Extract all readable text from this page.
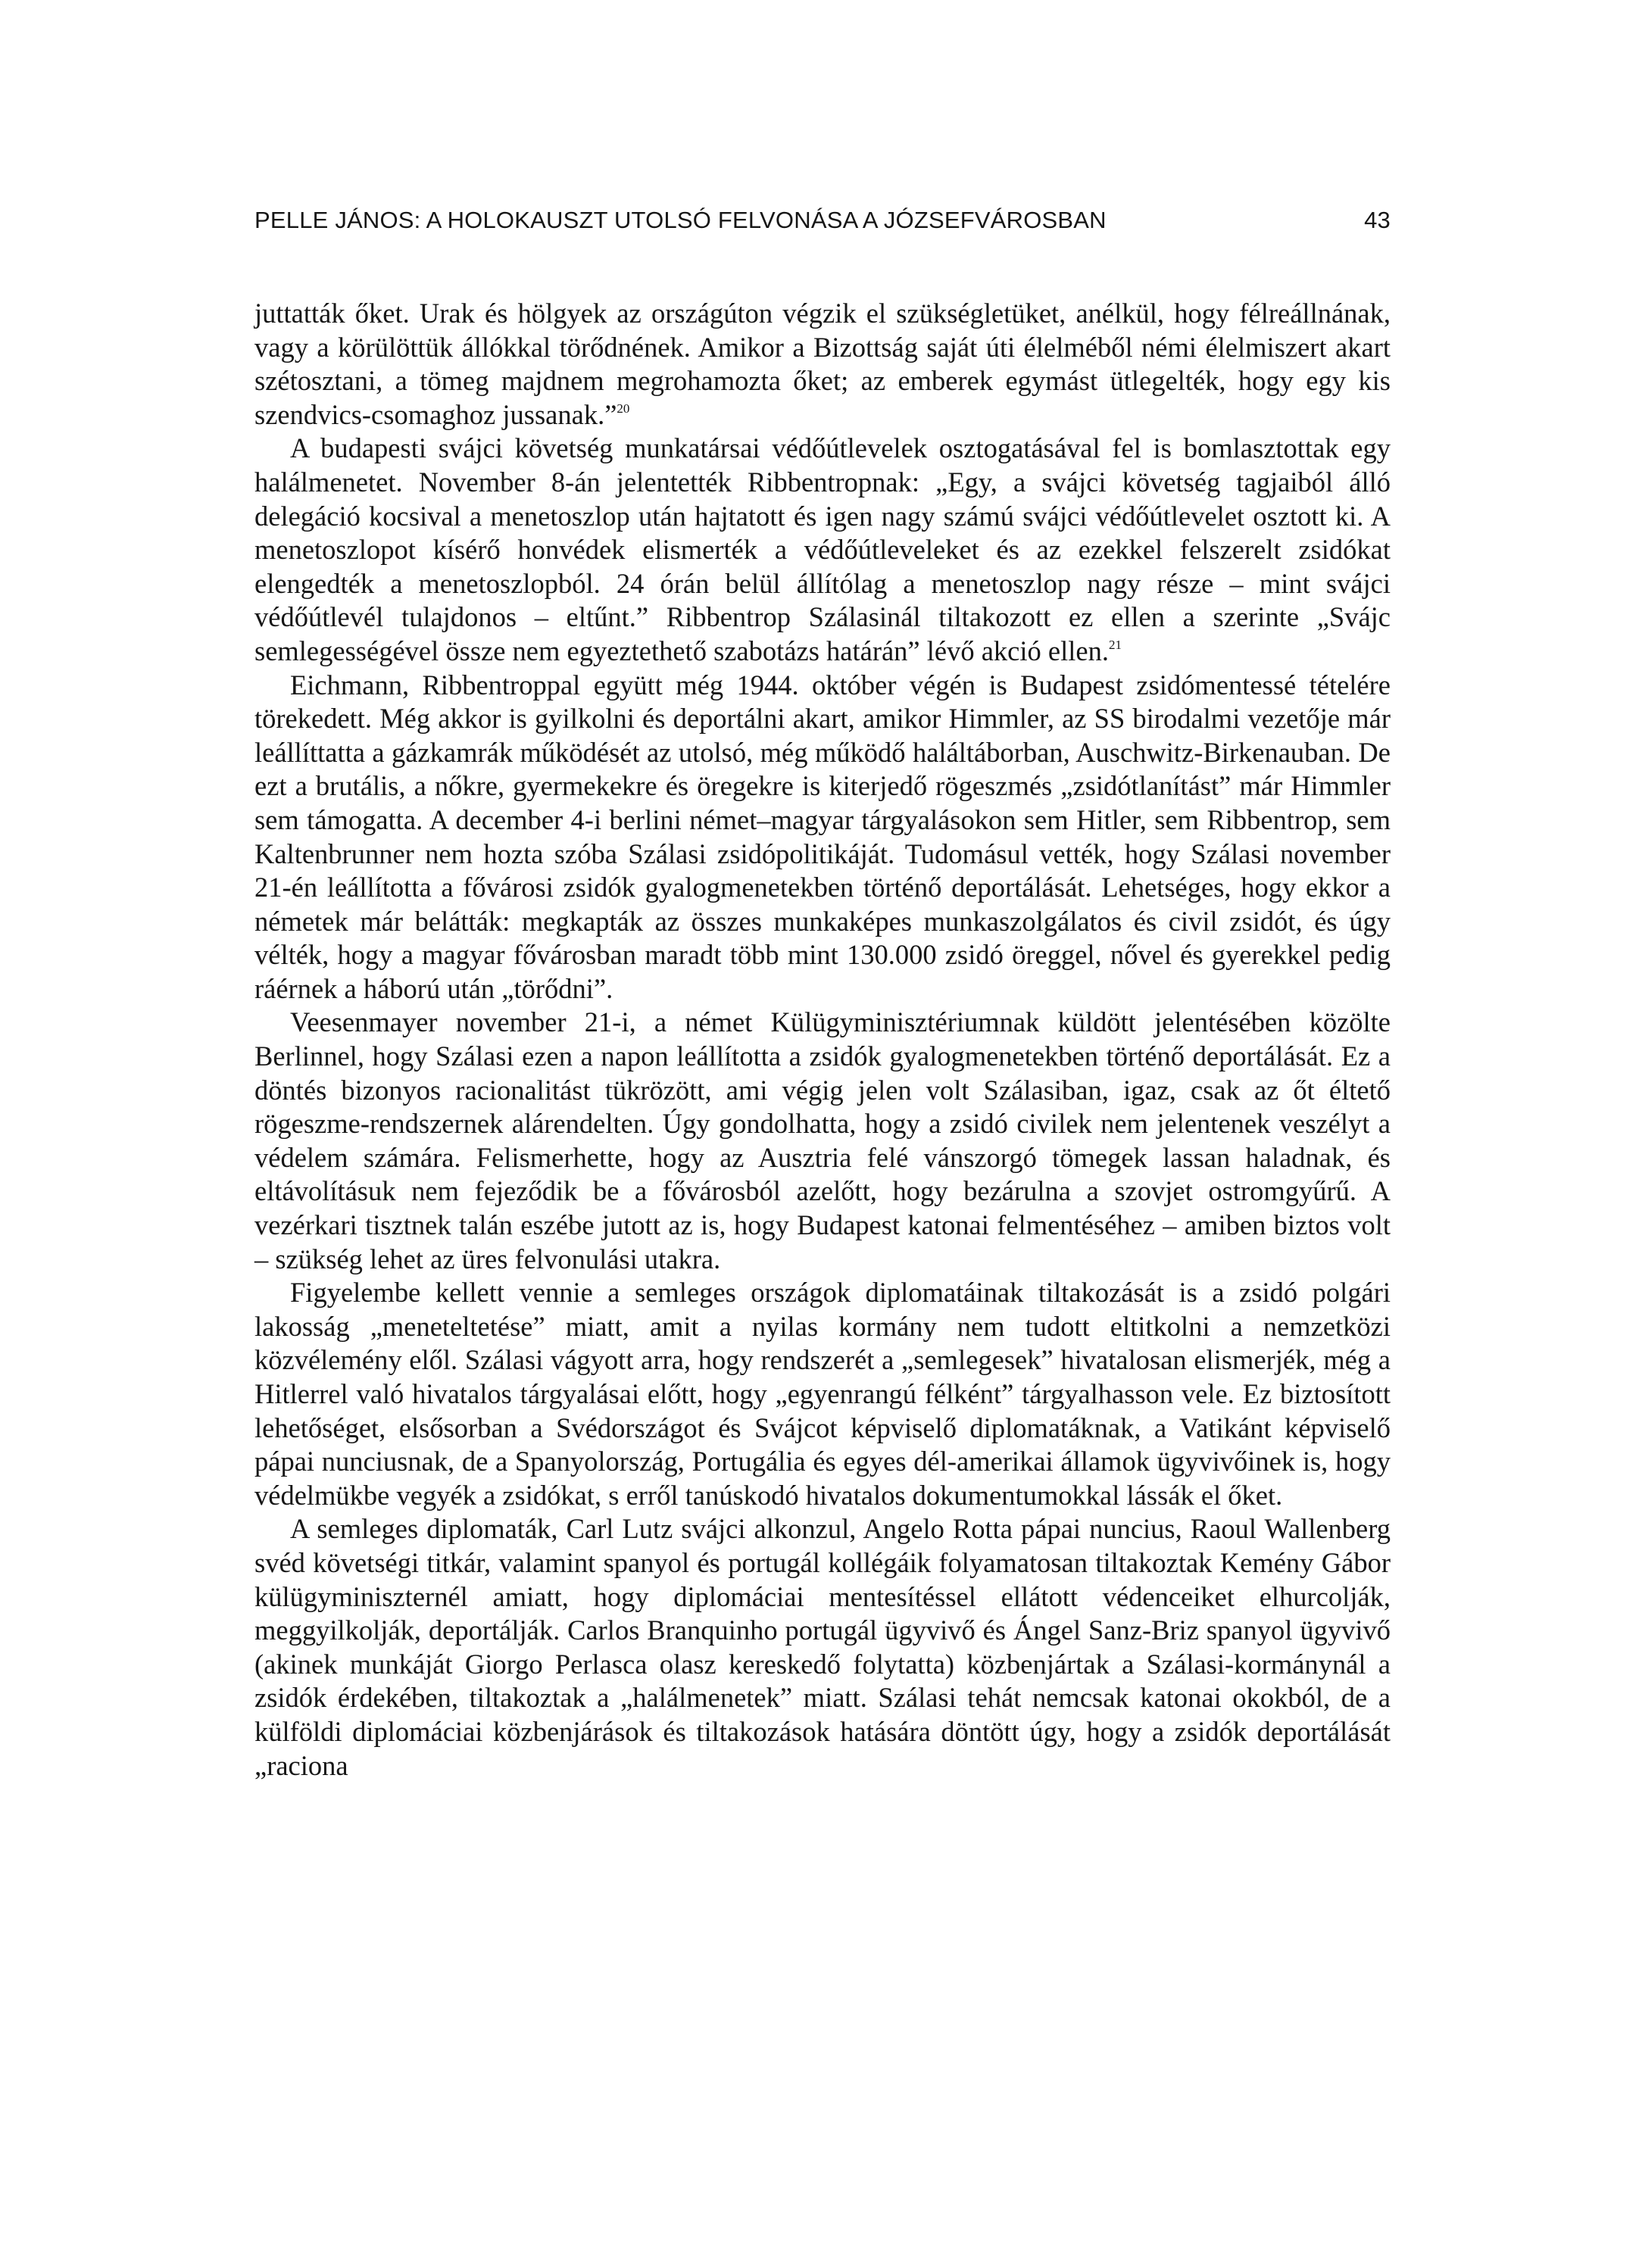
PELLE JÁNOS: A HOLOKAUSZT UTOLSÓ FELVONÁSA A JÓZSEFVÁROSBAN	43

juttatták őket. Urak és hölgyek az országúton végzik el szükségletüket, anélkül, hogy félreállnának, vagy a körülöttük állókkal törődnének. Amikor a Bizottság saját úti élelméből némi élelmiszert akart szétosztani, a tömeg majdnem megrohamozta őket; az emberek egymást ütlegelték, hogy egy kis szendvics-csomaghoz jussanak.”$^{20}$

A budapesti svájci követség munkatársai védőútlevelek osztogatásával fel is bomlasztottak egy halálmenetet. November 8-án jelentették Ribbentropnak: „Egy, a svájci követség tagjaiból álló delegáció kocsival a menetoszlop után hajtatott és igen nagy számú svájci védőútlevelet osztott ki. A menetoszlopot kísérő honvédek elismerték a védőútleveleket és az ezekkel felszerelt zsidókat elengedték a menetoszlopból. 24 órán belül állítólag a menetoszlop nagy része – mint svájci védőútlevél tulajdonos – eltűnt.” Ribbentrop Szálasinál tiltakozott ez ellen a szerinte „Svájc semlegességével össze nem egyeztethető szabotázs határán” lévő akció ellen.$^{21}$

Eichmann, Ribbentroppal együtt még 1944. október végén is Budapest zsidómentessé tételére törekedett. Még akkor is gyilkolni és deportálni akart, amikor Himmler, az SS birodalmi vezetője már leállíttatta a gázkamrák működését az utolsó, még működő haláltáborban, Auschwitz-Birkenauban. De ezt a brutális, a nőkre, gyermekekre és öregekre is kiterjedő rögeszmés „zsidótlanítást” már Himmler sem támogatta. A december 4-i berlini német–magyar tárgyalásokon sem Hitler, sem Ribbentrop, sem Kaltenbrunner nem hozta szóba Szálasi zsidópolitikáját. Tudomásul vették, hogy Szálasi november 21-én leállította a fővárosi zsidók gyalogmenetekben történő deportálását. Lehetséges, hogy ekkor a németek már belátták: megkapták az összes munkaképes munkaszolgálatos és civil zsidót, és úgy vélték, hogy a magyar fővárosban maradt több mint 130.000 zsidó öreggel, nővel és gyerekkel pedig ráérnek a háború után „törődni”.

Veesenmayer november 21-i, a német Külügyminisztériumnak küldött jelentésében közölte Berlinnel, hogy Szálasi ezen a napon leállította a zsidók gyalogmenetekben történő deportálását. Ez a döntés bizonyos racionalitást tükrözött, ami végig jelen volt Szálasiban, igaz, csak az őt éltető rögeszme-rendszernek alárendelten. Úgy gondolhatta, hogy a zsidó civilek nem jelentenek veszélyt a védelem számára. Felismerhette, hogy az Ausztria felé vánszorgó tömegek lassan haladnak, és eltávolításuk nem fejeződik be a fővárosból azelőtt, hogy bezárulna a szovjet ostromgyűrű. A vezérkari tisztnek talán eszébe jutott az is, hogy Budapest katonai felmentéséhez – amiben biztos volt – szükség lehet az üres felvonulási utakra.

Figyelembe kellett vennie a semleges országok diplomatáinak tiltakozását is a zsidó polgári lakosság „meneteltetése” miatt, amit a nyilas kormány nem tudott eltitkolni a nemzetközi közvélemény elől. Szálasi vágyott arra, hogy rendszerét a „semlegesek” hivatalosan elismerjék, még a Hitlerrel való hivatalos tárgyalásai előtt, hogy „egyenrangú félként” tárgyalhasson vele. Ez biztosított lehetőséget, elsősorban a Svédországot és Svájcot képviselő diplomatáknak, a Vatikánt képviselő pápai nunciusnak, de a Spanyolország, Portugália és egyes dél-amerikai államok ügyvivőinek is, hogy védelmükbe vegyék a zsidókat, s erről tanúskodó hivatalos dokumentumokkal lássák el őket.

A semleges diplomaták, Carl Lutz svájci alkonzul, Angelo Rotta pápai nuncius, Raoul Wallenberg svéd követségi titkár, valamint spanyol és portugál kollégáik folyamatosan tiltakoztak Kemény Gábor külügyminiszternél amiatt, hogy diplomáciai mentesítéssel ellátott védenceiket elhurcolják, meggyilkolják, deportálják. Carlos Branquinho portugál ügyvivő és Ángel Sanz-Briz spanyol ügyvivő (akinek munkáját Giorgo Perlasca olasz kereskedő folytatta) közbenjártak a Szálasi-kormánynál a zsidók érdekében, tiltakoztak a „halálmenetek” miatt. Szálasi tehát nemcsak katonai okokból, de a külföldi diplomáciai közbenjárások és tiltakozások hatására döntött úgy, hogy a zsidók deportálását „raciona
